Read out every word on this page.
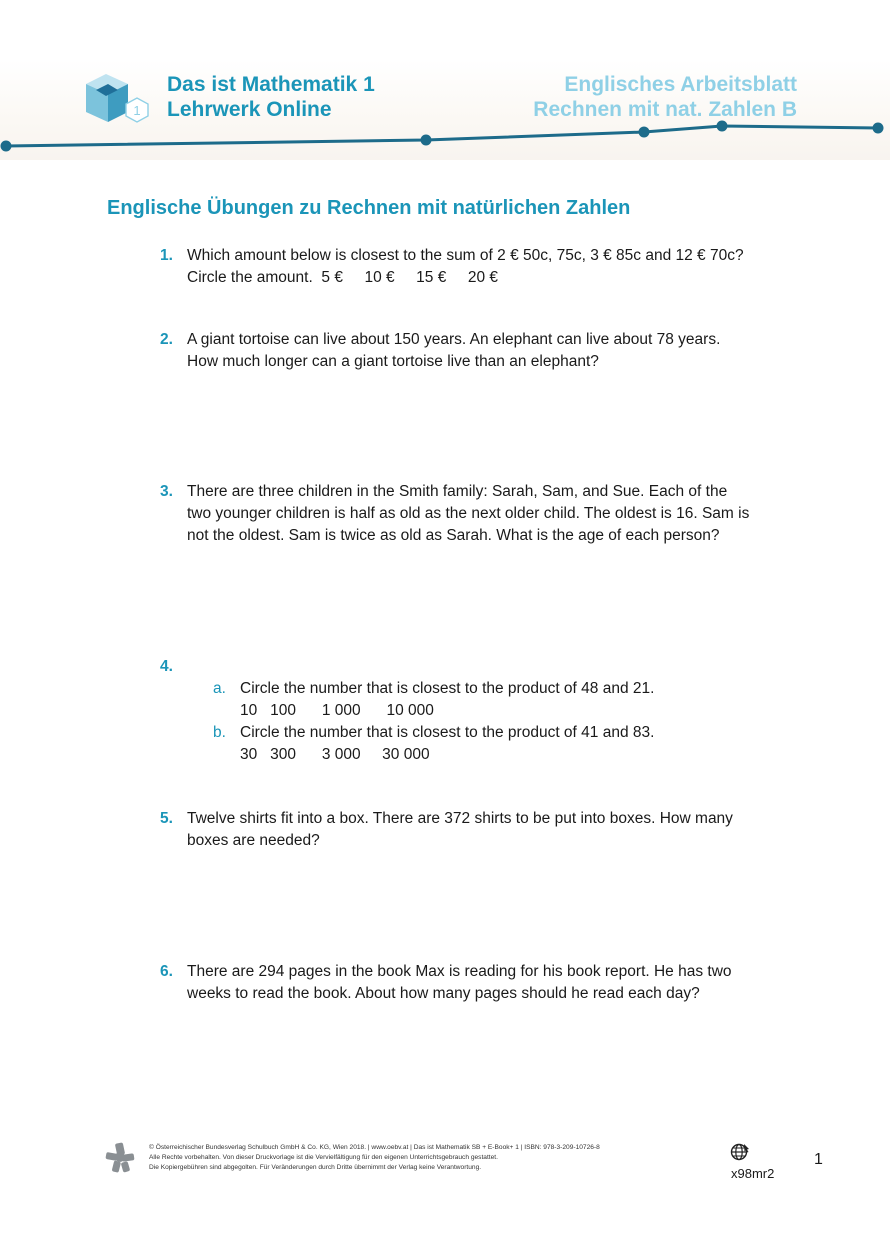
1
Das ist Mathematik 1
Lehrwerk Online
Englisches Arbeitsblatt
Rechnen mit nat. Zahlen B
Englische Übungen zu Rechnen mit natürlichen Zahlen
1. Which amount below is closest to the sum of 2 € 50c, 75c, 3 € 85c and 12 € 70c?

Circle the amount.  5 €     10 €     15 €     20 €

2. A giant tortoise can live about 150 years. An elephant can live about 78 years.

How much longer can a giant tortoise live than an elephant?

3. There are three children in the Smith family: Sarah, Sam, and Sue. Each of the

two younger children is half as old as the next older child. The oldest is 16. Sam is

not the oldest. Sam is twice as old as Sarah. What is the age of each person?

4.
a. Circle the number that is closest to the product of 48 and 21.

10   100      1 000      10 000

b. Circle the number that is closest to the product of 41 and 83.

30   300      3 000     30 000

5. Twelve shirts fit into a box. There are 372 shirts to be put into boxes. How many

boxes are needed?

6. There are 294 pages in the book Max is reading for his book report. He has two

weeks to read the book. About how many pages should he read each day?

© Österreichischer Bundesverlag Schulbuch GmbH & Co. KG, Wien 2018. | www.oebv.at | Das ist Mathematik SB + E-Book+ 1 | ISBN: 978-3-209-10726-8

Alle Rechte vorbehalten. Von dieser Druckvorlage ist die Vervielfältigung für den eigenen Unterrichtsgebrauch gestattet.

Die Kopiergebühren sind abgegolten. Für Veränderungen durch Dritte übernimmt der Verlag keine Verantwortung.	x98mr2
1
